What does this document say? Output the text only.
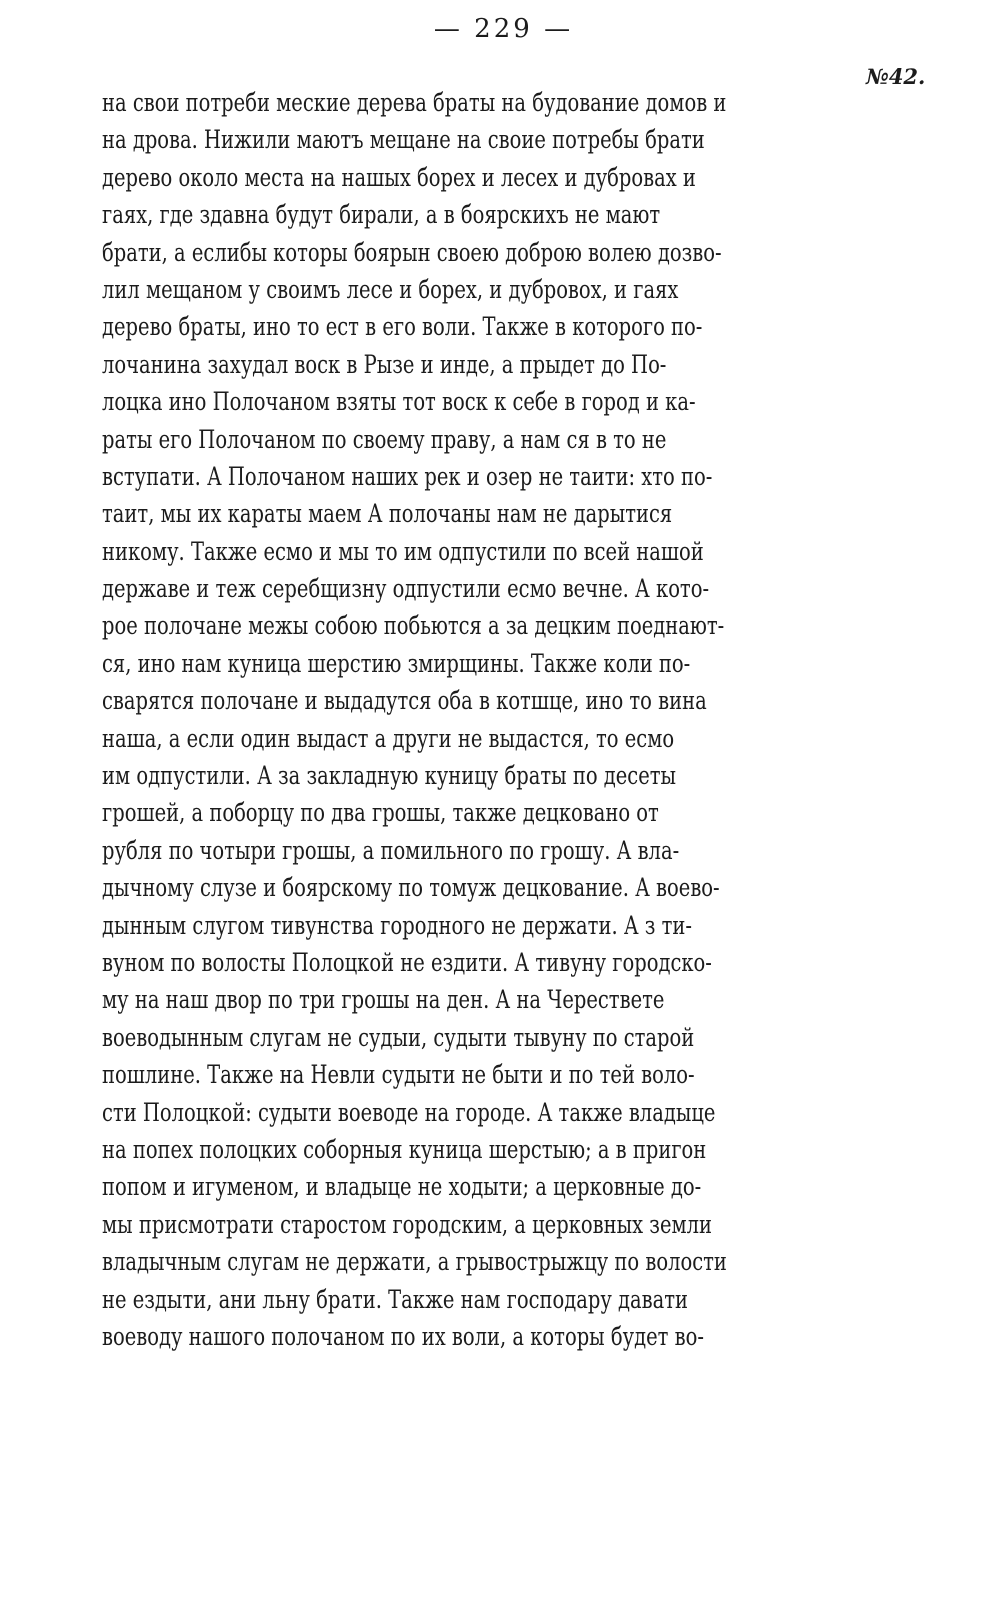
— 229 —
№42.
на свои потреби меские дерева браты на будование домов и
на дрова. Нижили маютъ мещане на своие потребы брати
дерево около места на нашых борех и лесех и дубровах и
гаях, где здавна будут бирали, а в боярскихъ не мают
брати, а еслибы которы боярын своею доброю волею дозво-
лил мещаном у своимъ лесе и борех, и дубровох, и гаях
дерево браты, ино то ест в его воли. Также в которого по-
лочанина захудал воск в Рызе и инде, а прыдет до По-
лоцка ино Полочаном взяты тот воск к себе в город и ка-
раты его Полочаном по своему праву, а нам ся в то не
вступати. А Полочаном наших рек и озер не таити: хто по-
таит, мы их караты маем А полочаны нам не дарытися
никому. Также есмо и мы то им одпустили по всей нашой
державе и теж серебщизну одпустили есмо вечне. А кото-
рое полочане межы собою побьются а за децким поеднают-
ся, ино нам куница шерстию змирщины. Также коли по-
сварятся полочане и выдадутся оба в котшце, ино то вина
наша, а если один выдаст а други не выдастся, то есмо
им одпустили. А за закладную куницу браты по десеты
грошей, а поборцу по два грошы, также децковано от
рубля по чотыри грошы, а помильного по грошу. А вла-
дычному слузе и боярскому по томуж децкование. А воево-
дынным слугом тивунства городного не держати. А з ти-
вуном по волосты Полоцкой не ездити. А тивуну городско-
му на наш двор по три грошы на ден. А на Черествете
воеводынным слугам не судыи, судыти тывуну по старой
пошлине. Также на Невли судыти не быти и по тей воло-
сти Полоцкой: судыти воеводе на городе. А также владыце
на попех полоцких соборныя куница шерстыю; а в пригон
попом и игуменом, и владыце не ходыти; а церковные до-
мы присмотрати старостом городским, а церковных земли
владычным слугам не держати, а грывострыжцу по волости
не ездыти, ани льну брати. Также нам господару давати
воеводу нашого полочаном по их воли, а которы будет во-
